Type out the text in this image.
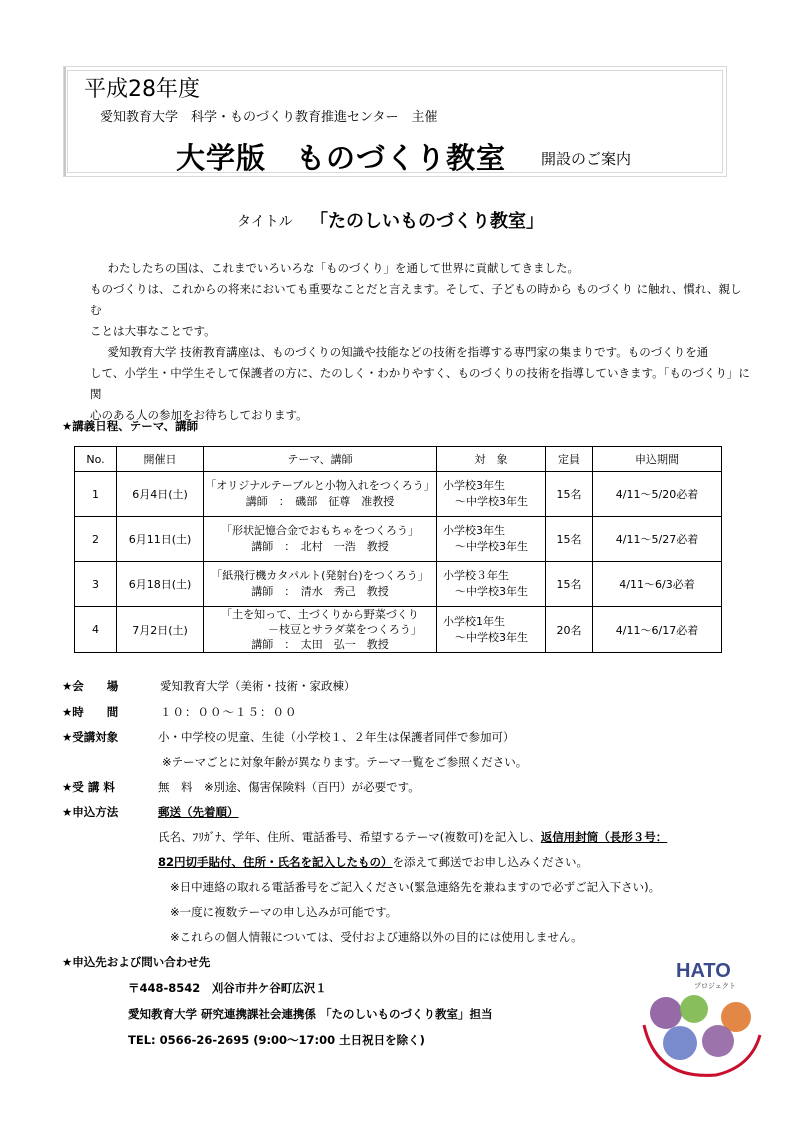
平成28年度
愛知教育大学　科学・ものづくり教育推進センター　主催
大学版　ものづくり教室 開設のご案内
タイトル 「たのしいものづくり教室」

　わたしたちの国は、これまでいろいろな「ものづくり」を通して世界に貢献してきました。

ものづくりは、これからの将来においても重要なことだと言えます。そして、子どもの時から ものづくり に触れ、慣れ、親しむ

ことは大事なことです。

　愛知教育大学 技術教育講座は、ものづくりの知識や技能などの技術を指導する専門家の集まりです。ものづくりを通

して、小学生・中学生そして保護者の方に、たのしく・わかりやすく、ものづくりの技術を指導していきます。「ものづくり」に関

心のある人の参加をお待ちしております。

★講義日程、テーマ、講師
No.	開催日	テーマ、講師	対　象	定員	申込期間
1	6月4日(土)	「オリジナルテーブルと小物入れをつくろう」
講師　：　磯部　征尊　准教授	小学校3年生
～中学校3年生	15名	4/11～5/20必着
2	6月11日(土)	「形状記憶合金でおもちゃをつくろう」
講師　：　北村　一浩　教授	小学校3年生
～中学校3年生	15名	4/11～5/27必着
3	6月18日(土)	「紙飛行機カタパルト(発射台)をつくろう」
講師　：　清水　秀己　教授	小学校３年生
～中学校3年生	15名	4/11～6/3必着
4	7月2日(土)	「土を知って、土づくりから野菜づくり
－枝豆とサラダ菜をつくろう」
講師　：　太田　弘一　教授	小学校1年生
～中学校3年生	20名	4/11～6/17必着
★会　　場	愛知教育大学（美術・技術・家政棟）
★時　　間	１０：００～１５：００
★受講対象	小・中学校の児童、生徒（小学校１、２年生は保護者同伴で参加可）
※テーマごとに対象年齢が異なります。テーマ一覧をご参照ください。
★受 講 料	無　料　※別途、傷害保険料（百円）が必要です。
★申込方法	郵送（先着順）
氏名、ﾌﾘｶﾞﾅ、学年、住所、電話番号、希望するテーマ(複数可)を記入し、返信用封筒（長形３号：
82円切手貼付、住所・氏名を記入したもの）を添えて郵送でお申し込みください。
※日中連絡の取れる電話番号をご記入ください(緊急連絡先を兼ねますので必ずご記入下さい)。
※一度に複数テーマの申し込みが可能です。
※これらの個人情報については、受付および連絡以外の目的には使用しません。
★申込先および問い合わせ先
〒448-8542　刈谷市井ケ谷町広沢１
愛知教育大学 研究連携課社会連携係 「たのしいものづくり教室」担当
TEL: 0566-26-2695 (9:00～17:00 土日祝日を除く)
HATO
プロジェクト
